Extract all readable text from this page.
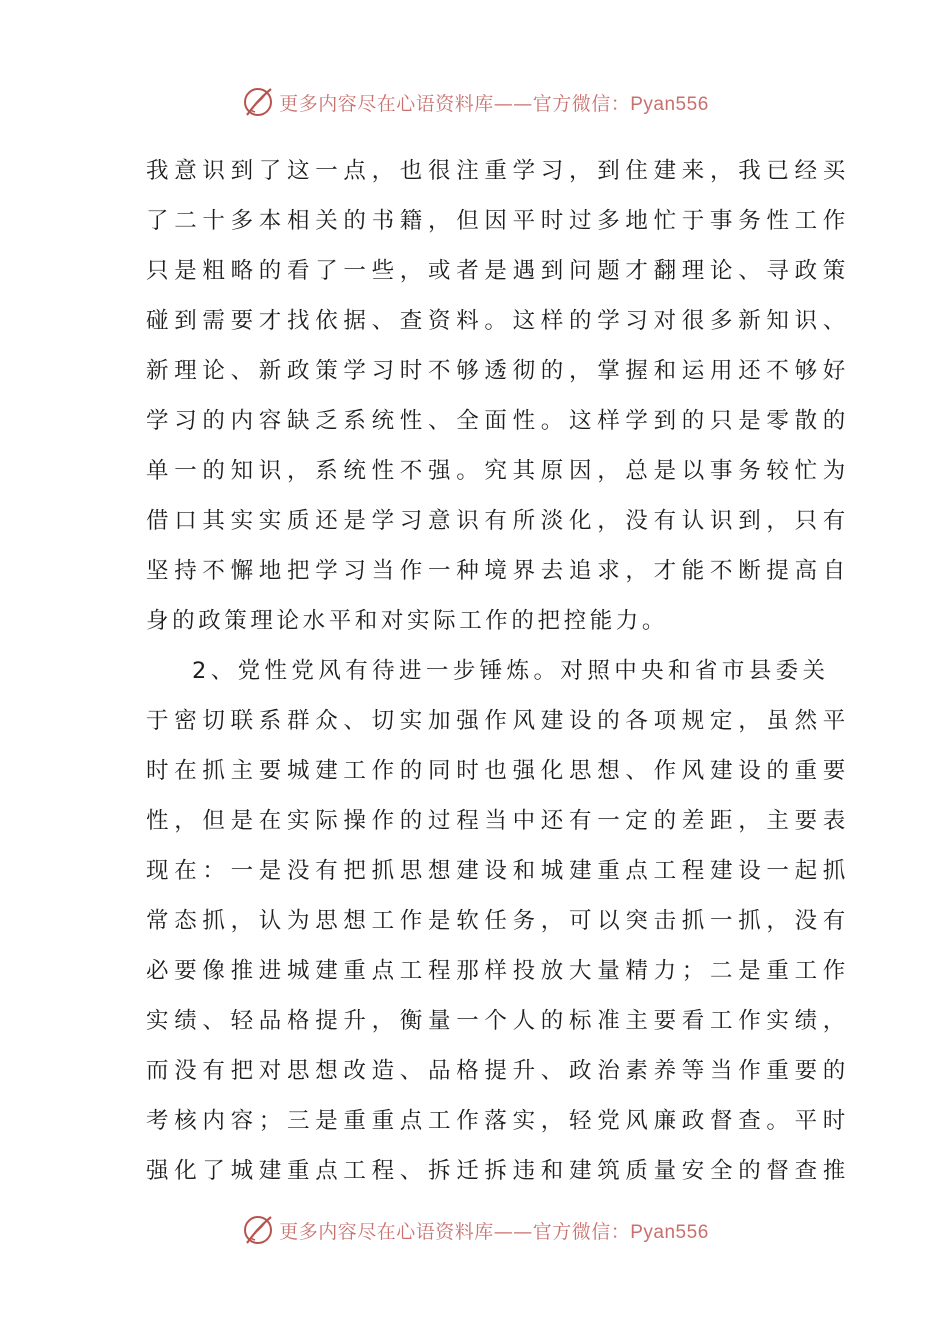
更多内容尽在心语资料库——官方微信：Pyan556
我意识到了这一点，也很注重学习，到住建来，我已经买
了二十多本相关的书籍，但因平时过多地忙于事务性工作
只是粗略的看了一些，或者是遇到问题才翻理论、寻政策
碰到需要才找依据、查资料。这样的学习对很多新知识、
新理论、新政策学习时不够透彻的，掌握和运用还不够好
学习的内容缺乏系统性、全面性。这样学到的只是零散的
单一的知识，系统性不强。究其原因，总是以事务较忙为
借口其实实质还是学习意识有所淡化，没有认识到，只有
坚持不懈地把学习当作一种境界去追求，才能不断提高自
身的政策理论水平和对实际工作的把控能力。
2、党性党风有待进一步锤炼。对照中央和省市县委关
于密切联系群众、切实加强作风建设的各项规定，虽然平
时在抓主要城建工作的同时也强化思想、作风建设的重要
性，但是在实际操作的过程当中还有一定的差距，主要表
现在：一是没有把抓思想建设和城建重点工程建设一起抓
常态抓，认为思想工作是软任务，可以突击抓一抓，没有
必要像推进城建重点工程那样投放大量精力；二是重工作
实绩、轻品格提升，衡量一个人的标准主要看工作实绩，
而没有把对思想改造、品格提升、政治素养等当作重要的
考核内容；三是重重点工作落实，轻党风廉政督查。平时
强化了城建重点工程、拆迁拆违和建筑质量安全的督查推
更多内容尽在心语资料库——官方微信：Pyan556
